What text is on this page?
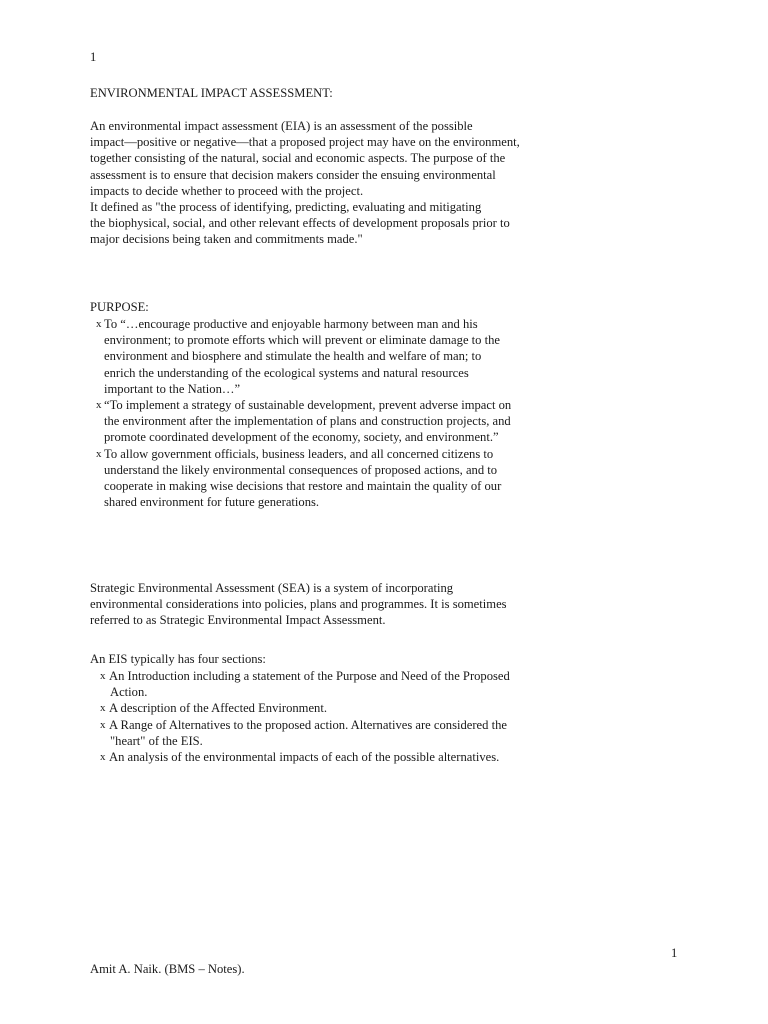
1
ENVIRONMENTAL IMPACT ASSESSMENT:
An environmental impact assessment (EIA) is an assessment of the possible
impact—positive or negative—that a proposed project may have on the environment,
together consisting of the natural, social and economic aspects. The purpose of the
assessment is to ensure that decision makers consider the ensuing environmental
impacts to decide whether to proceed with the project.
It defined as "the process of identifying, predicting, evaluating and mitigating
the biophysical, social, and other relevant effects of development proposals prior to
major decisions being taken and commitments made."
PURPOSE:
x To “…encourage productive and enjoyable harmony between man and his
environment; to promote efforts which will prevent or eliminate damage to the
environment and biosphere and stimulate the health and welfare of man; to
enrich the understanding of the ecological systems and natural resources
important to the Nation…”
x “To implement a strategy of sustainable development, prevent adverse impact on
the environment after the implementation of plans and construction projects, and
promote coordinated development of the economy, society, and environment.”
x To allow government officials, business leaders, and all concerned citizens to
understand the likely environmental consequences of proposed actions, and to
cooperate in making wise decisions that restore and maintain the quality of our
shared environment for future generations.
Strategic Environmental Assessment (SEA) is a system of incorporating
environmental considerations into policies, plans and programmes. It is sometimes
referred to as Strategic Environmental Impact Assessment.
An EIS typically has four sections:
x An Introduction including a statement of the Purpose and Need of the Proposed
Action.
x A description of the Affected Environment.
x A Range of Alternatives to the proposed action. Alternatives are considered the
"heart" of the EIS.
x An analysis of the environmental impacts of each of the possible alternatives.
1
Amit A. Naik. (BMS – Notes).
